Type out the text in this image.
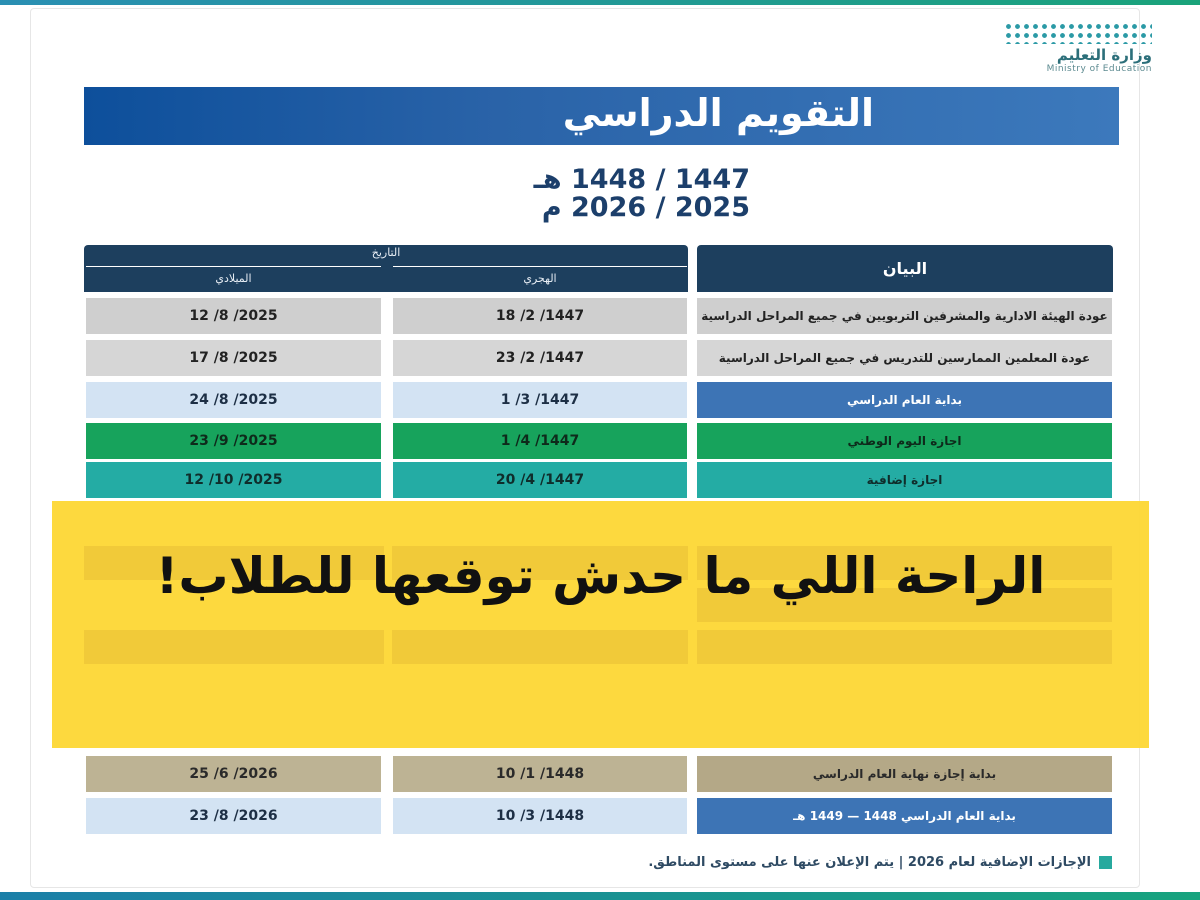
وزارة التعليم
Ministry of Education
التقويم الدراسي
1447 / 1448 هـ
2025 / 2026 م
التاريخ
الميلادي	الهجري
البيان
12 /8 /2025	18 /2 /1447	عودة الهيئة الادارية والمشرفين التربويين في جميع المراحل الدراسية
17 /8 /2025	23 /2 /1447	عودة المعلمين الممارسين للتدريس في جميع المراحل الدراسية
24 /8 /2025	1 /3 /1447	بداية العام الدراسي
23 /9 /2025	1 /4 /1447	اجازة اليوم الوطني
12 /10 /2025	20 /4 /1447	اجازة إضافية
25 /6 /2026	10 /1 /1448	بداية إجازة نهاية العام الدراسي
23 /8 /2026	10 /3 /1448	بداية العام الدراسي 1448 — 1449 هـ
الراحة اللي ما حدش توقعها للطلاب!
الإجازات الإضافية لعام 2026 | يتم الإعلان عنها على مستوى المناطق.
